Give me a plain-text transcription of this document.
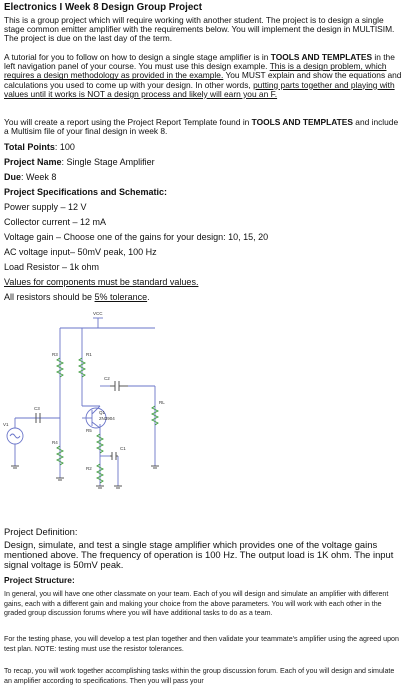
Electronics I Week 8 Design Group Project
This is a group project which will require working with another student. The project is to design a single stage common emitter amplifier with the requirements below. You will implement the design in MULTISIM. The project is due on the last day of the term.
A tutorial for you to follow on how to design a single stage amplifier is in TOOLS AND TEMPLATES in the left navigation panel of your course. You must use this design example. This is a design problem, which requires a design methodology as provided in the example. You MUST explain and show the equations and calculations you used to come up with your design. In other words, putting parts together and playing with values until it works is NOT a design process and likely will earn you an F.
You will create a report using the Project Report Template found in TOOLS AND TEMPLATES and include a Multisim file of your final design in week 8.
Total Points: 100
Project Name: Single Stage Amplifier
Due: Week 8
Project Specifications and Schematic:
Power supply – 12 V
Collector current – 12 mA
Voltage gain – Choose one of the gains for your design: 10, 15, 20
AC voltage input– 50mV peak, 100 Hz
Load Resistor – 1k ohm
Values for components must be standard values.
All resistors should be 5% tolerance.
VCC
R3	R1
C2
RL
C3
Q1
2N3904
V1
R4
R5
R2
C1
Project Definition:
Design, simulate, and test a single stage amplifier which provides one of the voltage gains mentioned above. The frequency of operation is 100 Hz. The output load is 1K ohm. The input signal voltage is 50mV peak.
Project Structure:
In general, you will have one other classmate on your team. Each of you will design and simulate an amplifier with different gains, each with a different gain and making your choice from the above parameters. You will work with each other in the graded group discussion forums where you will have additional tasks to do as a team.
For the testing phase, you will develop a test plan together and then validate your teammate's amplifier using the agreed upon test plan. NOTE: testing must use the resistor tolerances.
To recap, you will work together accomplishing tasks within the group discussion forum. Each of you will design and simulate an amplifier according to specifications. Then you will pass your
